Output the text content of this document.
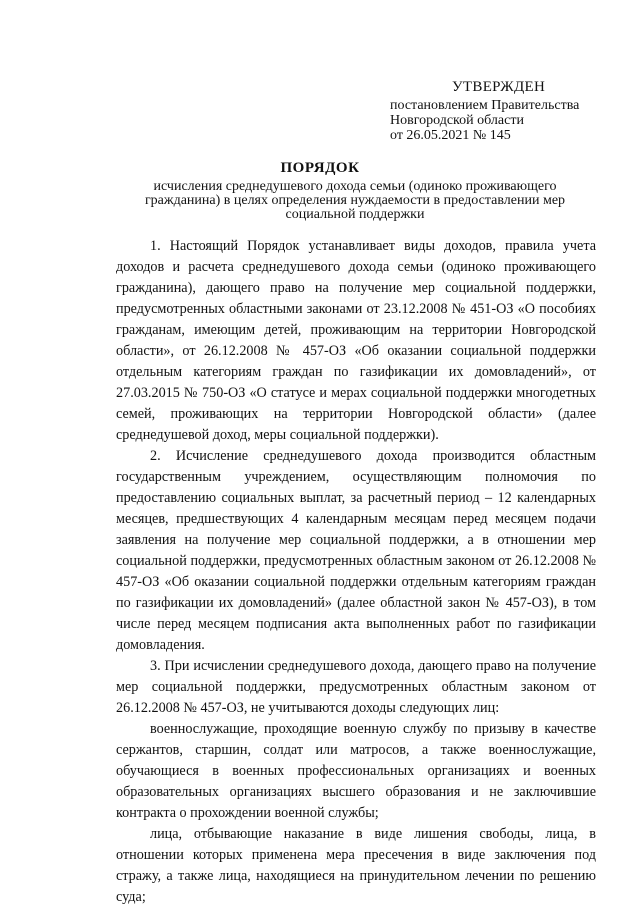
УТВЕРЖДЕН
постановлением Правительства
Новгородской области
от 26.05.2021 № 145
ПОРЯДОК
исчисления среднедушевого дохода семьи (одиноко проживающего гражданина) в целях определения нуждаемости в предоставлении мер социальной поддержки

1. Настоящий Порядок устанавливает виды доходов, правила учета доходов и расчета среднедушевого дохода семьи (одиноко проживающего гражданина), дающего право на получение мер социальной поддержки, предусмотренных областными законами от 23.12.2008 № 451-ОЗ «О пособиях гражданам, имеющим детей, проживающим на территории Новгородской области», от 26.12.2008 № 457-ОЗ «Об оказании социальной поддержки отдельным категориям граждан по газификации их домовладений», от 27.03.2015 № 750-ОЗ «О статусе и мерах социальной поддержки многодетных семей, проживающих на территории Новгородской области» (далее среднедушевой доход, меры социальной поддержки).

2. Исчисление среднедушевого дохода производится областным государственным учреждением, осуществляющим полномочия по предоставлению социальных выплат, за расчетный период – 12 календарных месяцев, предшествующих 4 календарным месяцам перед месяцем подачи заявления на получение мер социальной поддержки, а в отношении мер социальной поддержки, предусмотренных областным законом от 26.12.2008 № 457-ОЗ «Об оказании социальной поддержки отдельным категориям граждан по газификации их домовладений» (далее областной закон № 457-ОЗ), в том числе перед месяцем подписания акта выполненных работ по газификации домовладения.

3. При исчислении среднедушевого дохода, дающего право на получение мер социальной поддержки, предусмотренных областным законом от 26.12.2008 № 457-ОЗ, не учитываются доходы следующих лиц:

военнослужащие, проходящие военную службу по призыву в качестве сержантов, старшин, солдат или матросов, а также военнослужащие, обучающиеся в военных профессиональных организациях и военных образовательных организациях высшего образования и не заключившие контракта о прохождении военной службы;

лица, отбывающие наказание в виде лишения свободы, лица, в отношении которых применена мера пресечения в виде заключения под стражу, а также лица, находящиеся на принудительном лечении по решению суда;
